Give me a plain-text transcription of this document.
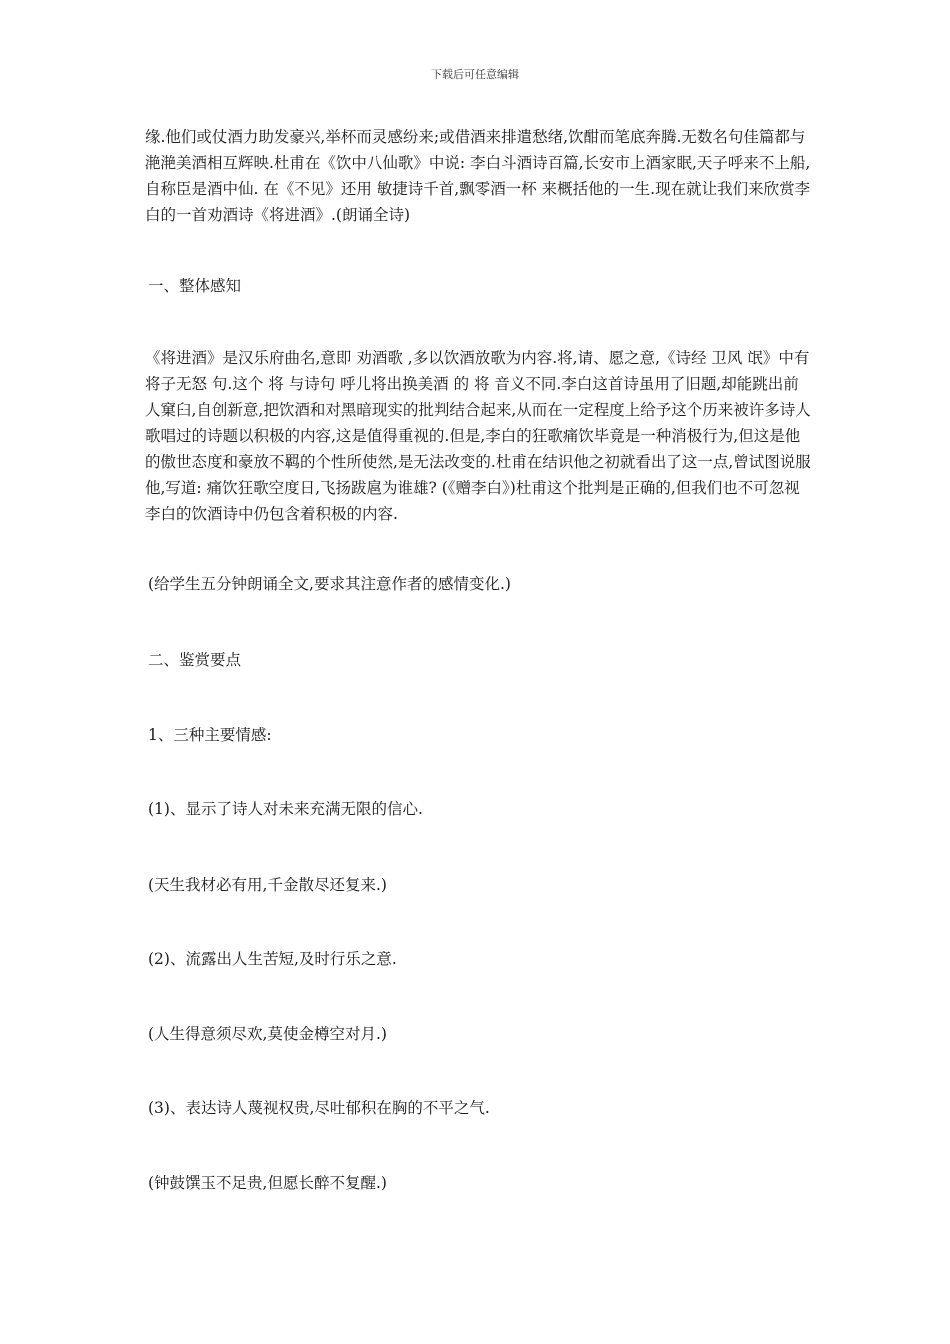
下载后可任意编辑

缘.他们或仗酒力助发豪兴,举杯而灵感纷来;或借酒来排遣愁绪,饮酣而笔底奔腾.无数名句佳篇都与滟滟美酒相互辉映.杜甫在《饮中八仙歌》中说: 李白斗酒诗百篇,长安市上酒家眠,天子呼来不上船,自称臣是酒中仙. 在《不见》还用 敏捷诗千首,飘零酒一杯 来概括他的一生.现在就让我们来欣赏李白的一首劝酒诗《将进酒》.(朗诵全诗)

一、整体感知

《将进酒》是汉乐府曲名,意即 劝酒歌 ,多以饮酒放歌为内容.将,请、愿之意,《诗经 卫风 氓》中有 将子无怒 句.这个 将 与诗句 呼儿将出换美酒 的 将 音义不同.李白这首诗虽用了旧题,却能跳出前人窠臼,自创新意,把饮酒和对黑暗现实的批判结合起来,从而在一定程度上给予这个历来被许多诗人歌唱过的诗题以积极的内容,这是值得重视的.但是,李白的狂歌痛饮毕竟是一种消极行为,但这是他的傲世态度和豪放不羁的个性所使然,是无法改变的.杜甫在结识他之初就看出了这一点,曾试图说服他,写道: 痛饮狂歌空度日,飞扬跋扈为谁雄? (《赠李白》)杜甫这个批判是正确的,但我们也不可忽视李白的饮酒诗中仍包含着积极的内容.

(给学生五分钟朗诵全文,要求其注意作者的感情变化.)

二、鉴赏要点

1、三种主要情感:

(1)、显示了诗人对未来充满无限的信心.

(天生我材必有用,千金散尽还复来.)

(2)、流露出人生苦短,及时行乐之意.

(人生得意须尽欢,莫使金樽空对月.)

(3)、表达诗人蔑视权贵,尽吐郁积在胸的不平之气.

(钟鼓馔玉不足贵,但愿长醉不复醒.)
